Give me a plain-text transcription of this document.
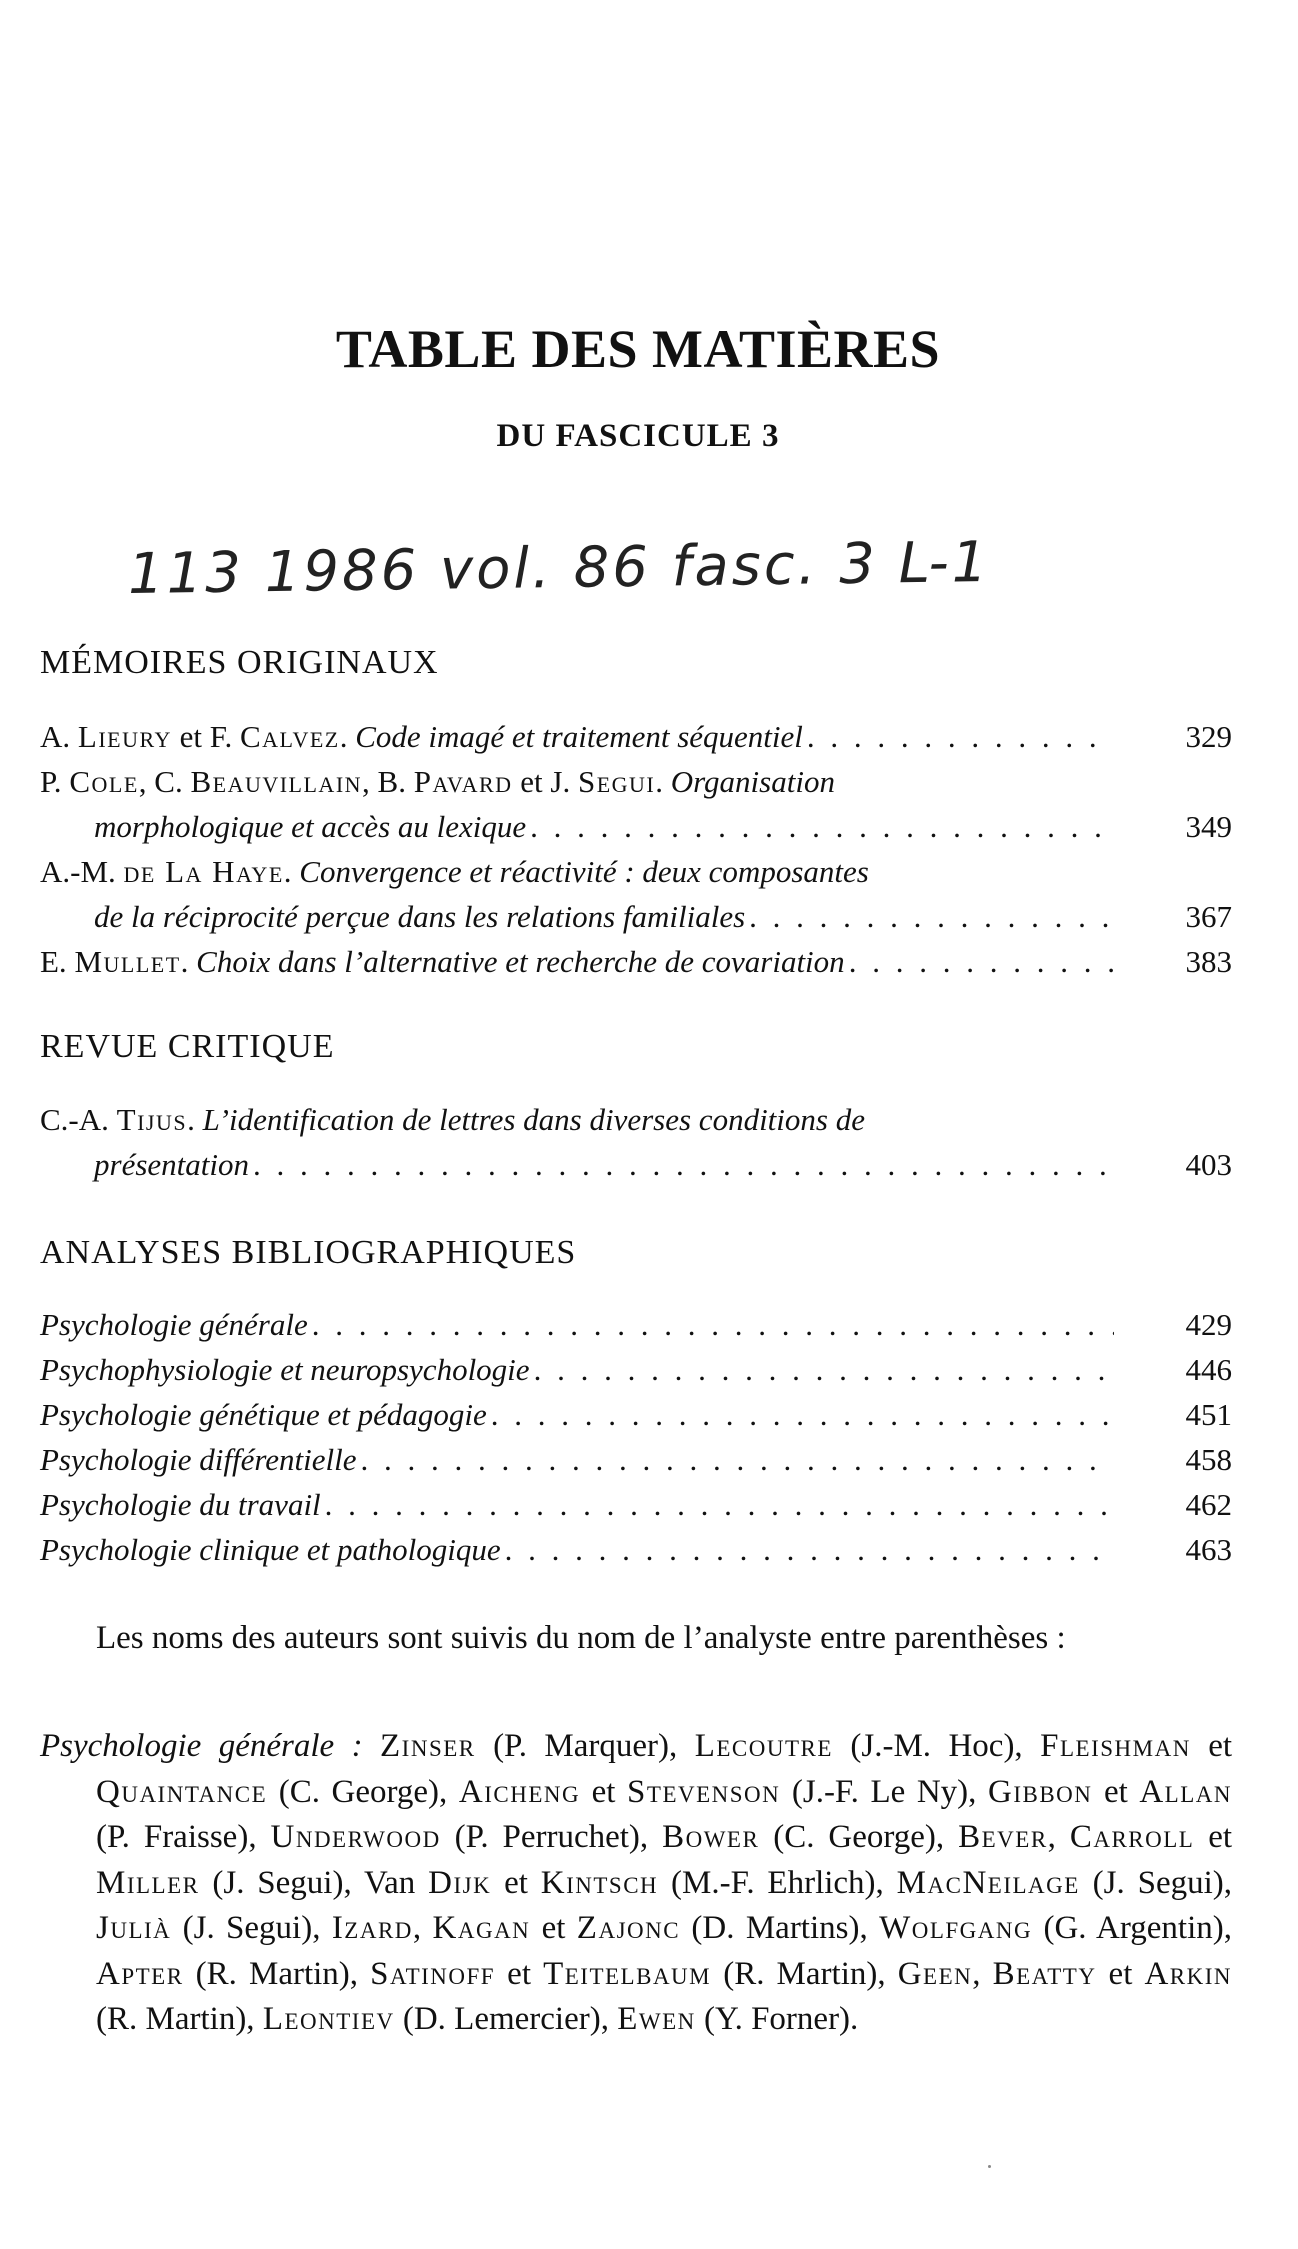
TABLE DES MATIÈRES
DU FASCICULE 3
113 1986 vol. 86 fasc. 3 L-1
MÉMOIRES ORIGINAUX
A. Lieury et F. Calvez. Code imagé et traitement séquentiel . . .	329
P. Cole, C. Beauvillain, B. Pavard et J. Segui. Organisation
morphologique et accès au lexique . . .	349
A.-M. de La Haye. Convergence et réactivité : deux composantes
de la réciprocité perçue dans les relations familiales . . .	367
E. Mullet. Choix dans l’alternative et recherche de covariation . . .	383
REVUE CRITIQUE
C.-A. Tijus. L’identification de lettres dans diverses conditions de
présentation . . .	403
ANALYSES BIBLIOGRAPHIQUES
Psychologie générale . . .	429
Psychophysiologie et neuropsychologie . . .	446
Psychologie génétique et pédagogie . . .	451
Psychologie différentielle . . .	458
Psychologie du travail . . .	462
Psychologie clinique et pathologique . . .	463

Les noms des auteurs sont suivis du nom de l’analyste entre parenthèses :

Psychologie générale : Zinser (P. Marquer), Lecoutre (J.-M. Hoc), Fleishman et Quaintance (C. George), Aicheng et Stevenson (J.-F. Le Ny), Gibbon et Allan (P. Fraisse), Underwood (P. Perruchet), Bower (C. George), Bever, Carroll et Miller (J. Segui), Van Dijk et Kintsch (M.-F. Ehrlich), MacNeilage (J. Segui), Julià (J. Segui), Izard, Kagan et Zajonc (D. Martins), Wolfgang (G. Argentin), Apter (R. Martin), Satinoff et Teitelbaum (R. Martin), Geen, Beatty et Arkin (R. Martin), Leontiev (D. Lemercier), Ewen (Y. Forner).
